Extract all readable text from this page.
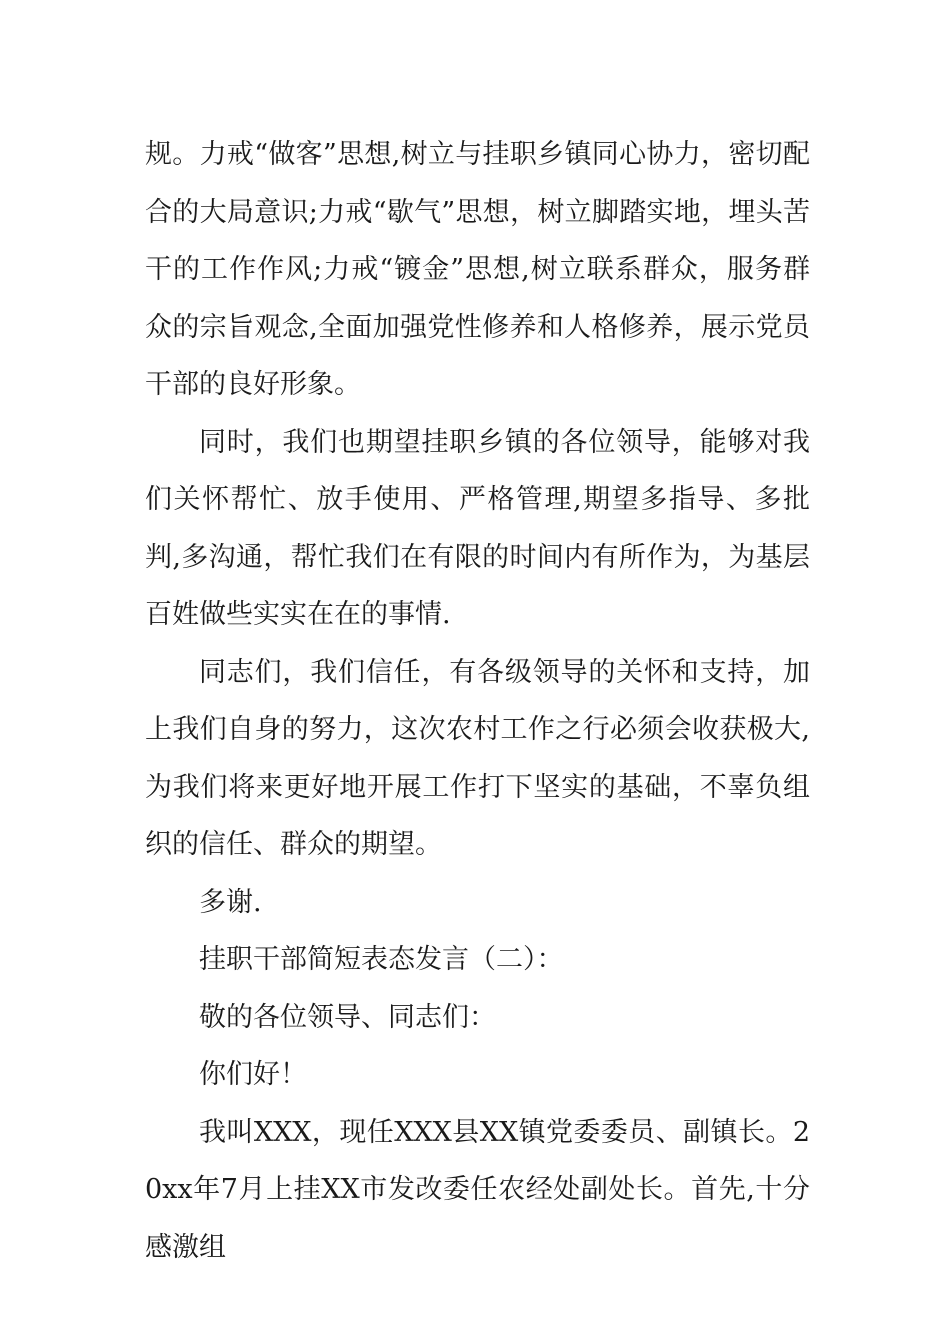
规。力戒“做客”思想,树立与挂职乡镇同心协力，密切配合的大局意识;力戒“歇气”思想，树立脚踏实地，埋头苦干的工作作风;力戒“镀金”思想,树立联系群众，服务群众的宗旨观念,全面加强党性修养和人格修养，展示党员干部的良好形象。

同时，我们也期望挂职乡镇的各位领导，能够对我们关怀帮忙、放手使用、严格管理,期望多指导、多批判,多沟通，帮忙我们在有限的时间内有所作为，为基层百姓做些实实在在的事情.

同志们，我们信任，有各级领导的关怀和支持，加上我们自身的努力，这次农村工作之行必须会收获极大,为我们将来更好地开展工作打下坚实的基础，不辜负组织的信任、群众的期望。

多谢.

挂职干部简短表态发言（二）：

敬的各位领导、同志们：

你们好！

我叫XXX，现任XXX县XX镇党委委员、副镇长。20xx年7月上挂XX市发改委任农经处副处长。首先,十分感激组
